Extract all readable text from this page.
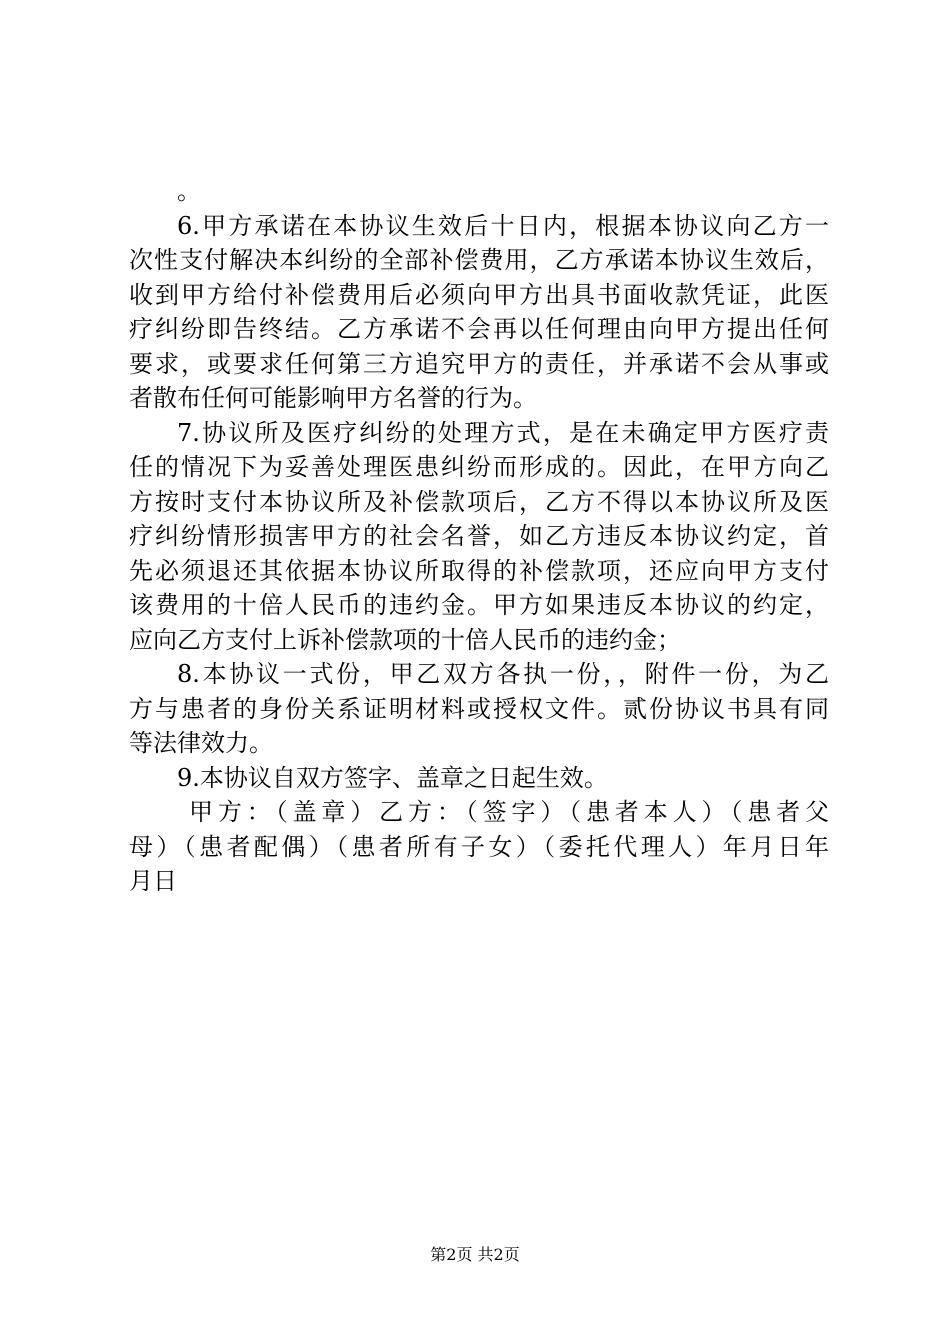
。
6.甲方承诺在本协议生效后十日内，根据本协议向乙方一
次性支付解决本纠纷的全部补偿费用，乙方承诺本协议生效后，
收到甲方给付补偿费用后必须向甲方出具书面收款凭证，此医
疗纠纷即告终结。乙方承诺不会再以任何理由向甲方提出任何
要求，或要求任何第三方追究甲方的责任，并承诺不会从事或
者散布任何可能影响甲方名誉的行为。
7.协议所及医疗纠纷的处理方式，是在未确定甲方医疗责
任的情况下为妥善处理医患纠纷而形成的。因此，在甲方向乙
方按时支付本协议所及补偿款项后，乙方不得以本协议所及医
疗纠纷情形损害甲方的社会名誉，如乙方违反本协议约定，首
先必须退还其依据本协议所取得的补偿款项，还应向甲方支付
该费用的十倍人民币的违约金。甲方如果违反本协议的约定，
应向乙方支付上诉补偿款项的十倍人民币的违约金；
8.本协议一式份，甲乙双方各执一份，，附件一份，为乙
方与患者的身份关系证明材料或授权文件。贰份协议书具有同
等法律效力。
9.本协议自双方签字、盖章之日起生效。
甲方：（盖章）乙方：（签字）（患者本人）（患者父
母）（患者配偶）（患者所有子女）（委托代理人）年月日年
月日
第2页 共2页
